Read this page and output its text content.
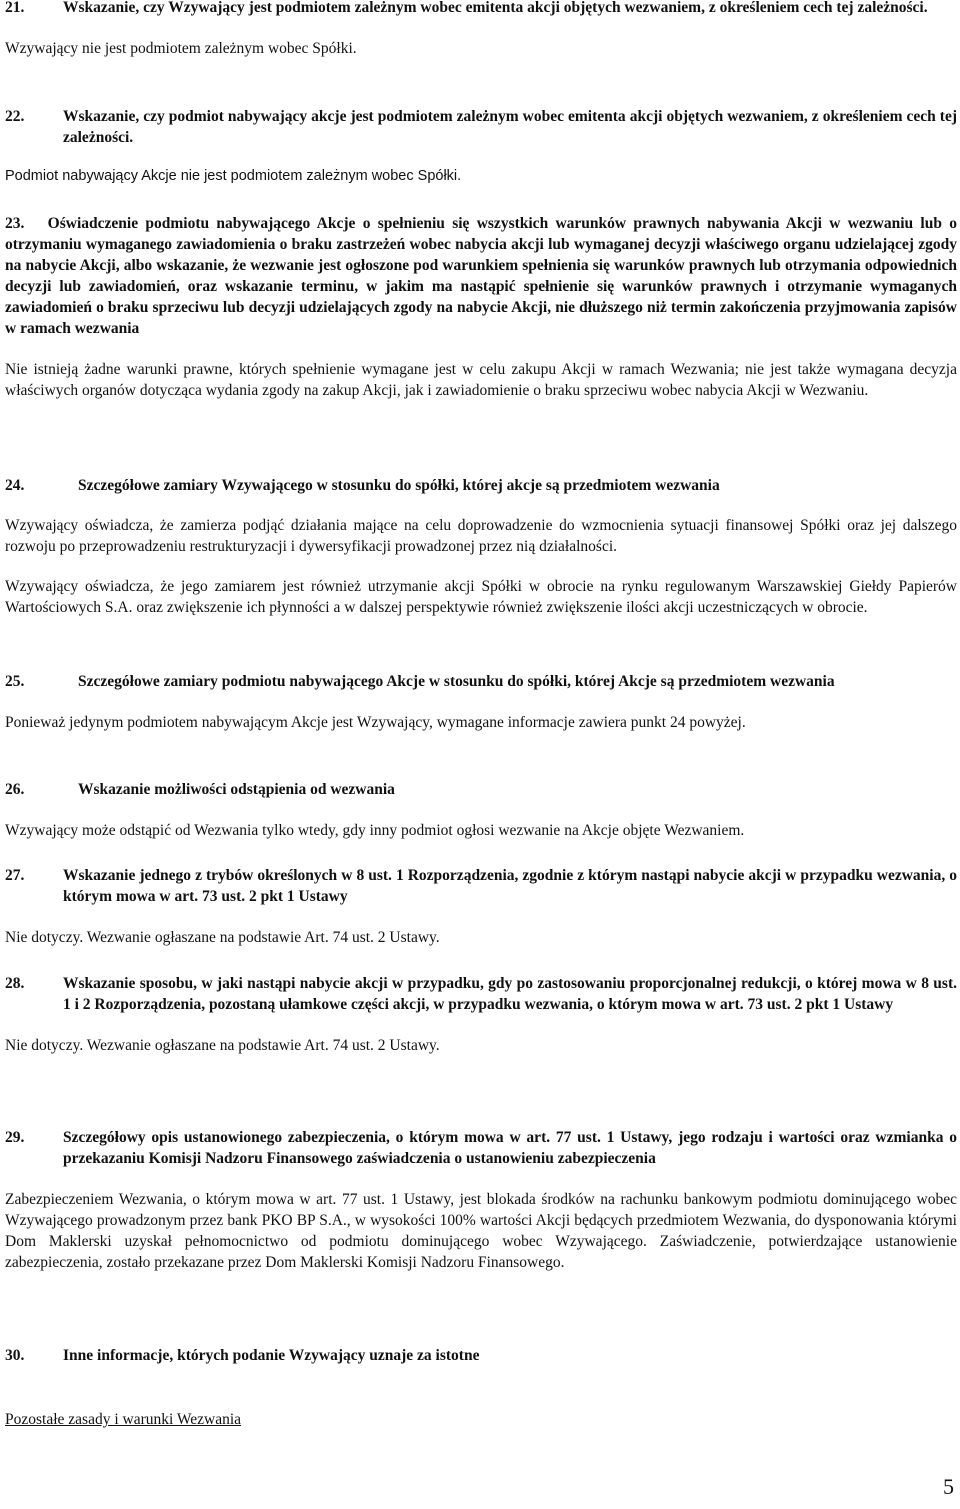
21.	Wskazanie, czy Wzywający jest podmiotem zależnym wobec emitenta akcji objętych wezwaniem, z określeniem cech tej zależności.

Wzywający nie jest podmiotem zależnym wobec Spółki.

22.	Wskazanie, czy podmiot nabywający akcje jest podmiotem zależnym wobec emitenta akcji objętych wezwaniem, z określeniem cech tej zależności.

Podmiot nabywający Akcje nie jest podmiotem zależnym wobec Spółki.

23. Oświadczenie podmiotu nabywającego Akcje o spełnieniu się wszystkich warunków prawnych nabywania Akcji w wezwaniu lub o otrzymaniu wymaganego zawiadomienia o braku zastrzeżeń wobec nabycia akcji lub wymaganej decyzji właściwego organu udzielającej zgody na nabycie Akcji, albo wskazanie, że wezwanie jest ogłoszone pod warunkiem spełnienia się warunków prawnych lub otrzymania odpowiednich decyzji lub zawiadomień, oraz wskazanie terminu, w jakim ma nastąpić spełnienie się warunków prawnych i otrzymanie wymaganych zawiadomień o braku sprzeciwu lub decyzji udzielających zgody na nabycie Akcji, nie dłuższego niż termin zakończenia przyjmowania zapisów w ramach wezwania

Nie istnieją żadne warunki prawne, których spełnienie wymagane jest w celu zakupu Akcji w ramach Wezwania; nie jest także wymagana decyzja właściwych organów dotycząca wydania zgody na zakup Akcji, jak i zawiadomienie o braku sprzeciwu wobec nabycia Akcji w Wezwaniu.

24.	Szczegółowe zamiary Wzywającego w stosunku do spółki, której akcje są przedmiotem wezwania

Wzywający oświadcza, że zamierza podjąć działania mające na celu doprowadzenie do wzmocnienia sytuacji finansowej Spółki oraz jej dalszego rozwoju po przeprowadzeniu restrukturyzacji i dywersyfikacji prowadzonej przez nią działalności.

Wzywający oświadcza, że jego zamiarem jest również utrzymanie akcji Spółki w obrocie na rynku regulowanym Warszawskiej Giełdy Papierów Wartościowych S.A. oraz zwiększenie ich płynności a w dalszej perspektywie również zwiększenie ilości akcji uczestniczących w obrocie.

25.	Szczegółowe zamiary podmiotu nabywającego Akcje w stosunku do spółki, której Akcje są przedmiotem wezwania

Ponieważ jedynym podmiotem nabywającym Akcje jest Wzywający, wymagane informacje zawiera punkt 24 powyżej.

26.	Wskazanie możliwości odstąpienia od wezwania

Wzywający może odstąpić od Wezwania tylko wtedy, gdy inny podmiot ogłosi wezwanie na Akcje objęte Wezwaniem.

27.	Wskazanie jednego z trybów określonych w 8 ust. 1 Rozporządzenia, zgodnie z którym nastąpi nabycie akcji w przypadku wezwania, o którym mowa w art. 73 ust. 2 pkt 1 Ustawy

Nie dotyczy. Wezwanie ogłaszane na podstawie Art. 74 ust. 2 Ustawy.

28.	Wskazanie sposobu, w jaki nastąpi nabycie akcji w przypadku, gdy po zastosowaniu proporcjonalnej redukcji, o której mowa w 8 ust. 1 i 2 Rozporządzenia, pozostaną ułamkowe części akcji, w przypadku wezwania, o którym mowa w art. 73 ust. 2 pkt 1 Ustawy

Nie dotyczy. Wezwanie ogłaszane na podstawie Art. 74 ust. 2 Ustawy.

29.	Szczegółowy opis ustanowionego zabezpieczenia, o którym mowa w art. 77 ust. 1 Ustawy, jego rodzaju i wartości oraz wzmianka o przekazaniu Komisji Nadzoru Finansowego zaświadczenia o ustanowieniu zabezpieczenia

Zabezpieczeniem Wezwania, o którym mowa w art. 77 ust. 1 Ustawy, jest blokada środków na rachunku bankowym podmiotu dominującego wobec Wzywającego prowadzonym przez bank PKO BP S.A., w wysokości 100% wartości Akcji będących przedmiotem Wezwania, do dysponowania którymi Dom Maklerski uzyskał pełnomocnictwo od podmiotu dominującego wobec Wzywającego. Zaświadczenie, potwierdzające ustanowienie zabezpieczenia, zostało przekazane przez Dom Maklerski Komisji Nadzoru Finansowego.

30.	Inne informacje, których podanie Wzywający uznaje za istotne
Pozostałe zasady i warunki Wezwania
5
